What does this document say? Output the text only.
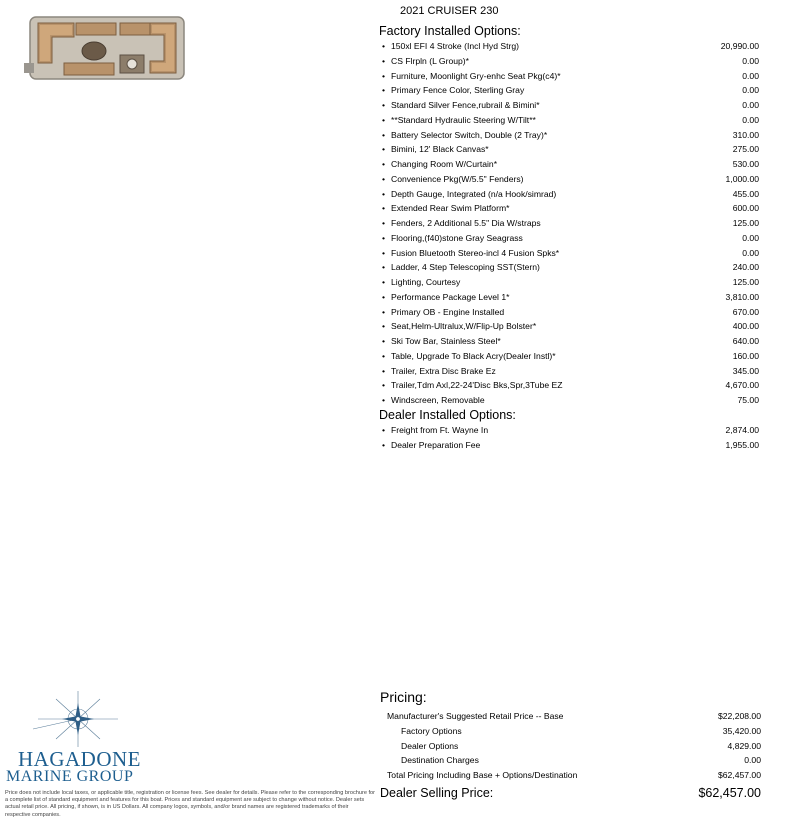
2021 CRUISER 230
Factory Installed Options:
• 150xl EFI 4 Stroke (Incl Hyd Strg)	20,990.00
• CS Flrpln (L Group)*	0.00
• Furniture, Moonlight Gry-enhc Seat Pkg(c4)*	0.00
• Primary Fence Color, Sterling Gray	0.00
• Standard Silver Fence,rubrail & Bimini*	0.00
• **Standard Hydraulic Steering W/Tilt**	0.00
• Battery Selector Switch, Double (2 Tray)*	310.00
• Bimini, 12' Black Canvas*	275.00
• Changing Room W/Curtain*	530.00
• Convenience Pkg(W/5.5" Fenders)	1,000.00
• Depth Gauge, Integrated (n/a Hook/simrad)	455.00
• Extended Rear Swim Platform*	600.00
• Fenders, 2 Additional 5.5" Dia W/straps	125.00
• Flooring,(f40)stone Gray Seagrass	0.00
• Fusion Bluetooth Stereo-incl 4 Fusion Spks*	0.00
• Ladder, 4 Step Telescoping SST(Stern)	240.00
• Lighting, Courtesy	125.00
• Performance Package Level 1*	3,810.00
• Primary OB - Engine Installed	670.00
• Seat,Helm-Ultralux,W/Flip-Up Bolster*	400.00
• Ski Tow Bar, Stainless Steel*	640.00
• Table, Upgrade To Black Acry(Dealer Instl)*	160.00
• Trailer, Extra Disc Brake Ez	345.00
• Trailer,Tdm Axl,22-24'Disc Bks,Spr,3Tube EZ	4,670.00
• Windscreen, Removable	75.00
Dealer Installed Options:
• Freight from Ft. Wayne In	2,874.00
• Dealer Preparation Fee	1,955.00
Pricing:
Manufacturer's Suggested Retail Price -- Base	$22,208.00
Factory Options	35,420.00
Dealer Options	4,829.00
Destination Charges	0.00
Total Pricing Including Base + Options/Destination	$62,457.00
Dealer Selling Price:	$62,457.00
HAGADONE
MARINE GROUP
Price does not include local taxes, or applicable title, registration or license fees. See dealer for details. Please refer to the corresponding brochure for a complete list of standard equipment and features for this boat. Prices and standard equipment are subject to change without notice. Dealer sets actual retail price. All pricing, if shown, is in US Dollars. All company logos, symbols, and/or brand names are registered trademarks of their respective companies.
